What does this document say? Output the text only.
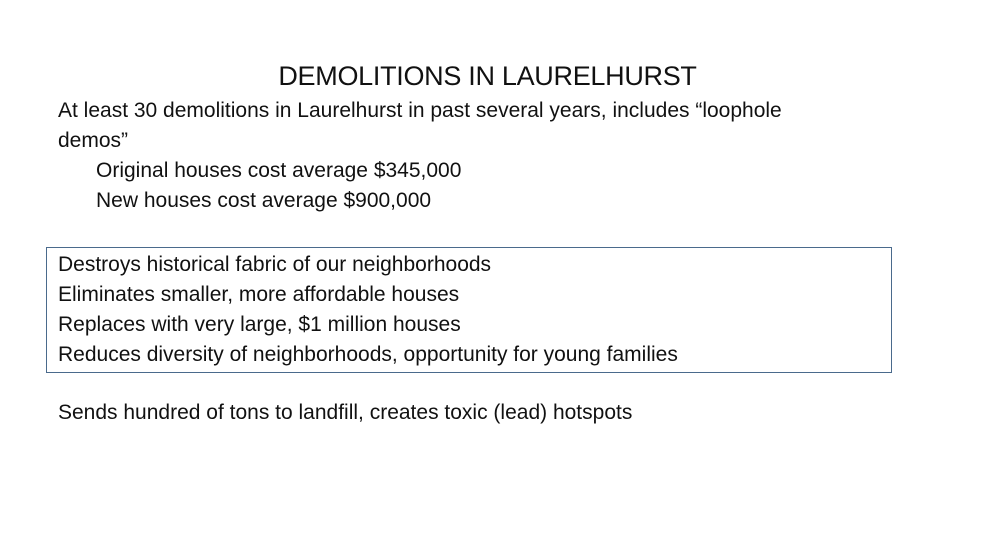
DEMOLITIONS IN LAURELHURST
At least 30 demolitions in Laurelhurst in past several years, includes “loophole
demos”
Original houses cost average $345,000
New houses cost average $900,000
Destroys historical fabric of our neighborhoods
Eliminates smaller, more affordable houses
Replaces with very large, $1 million houses
Reduces diversity of neighborhoods, opportunity for young families
Sends hundred of tons to landfill, creates toxic (lead) hotspots
